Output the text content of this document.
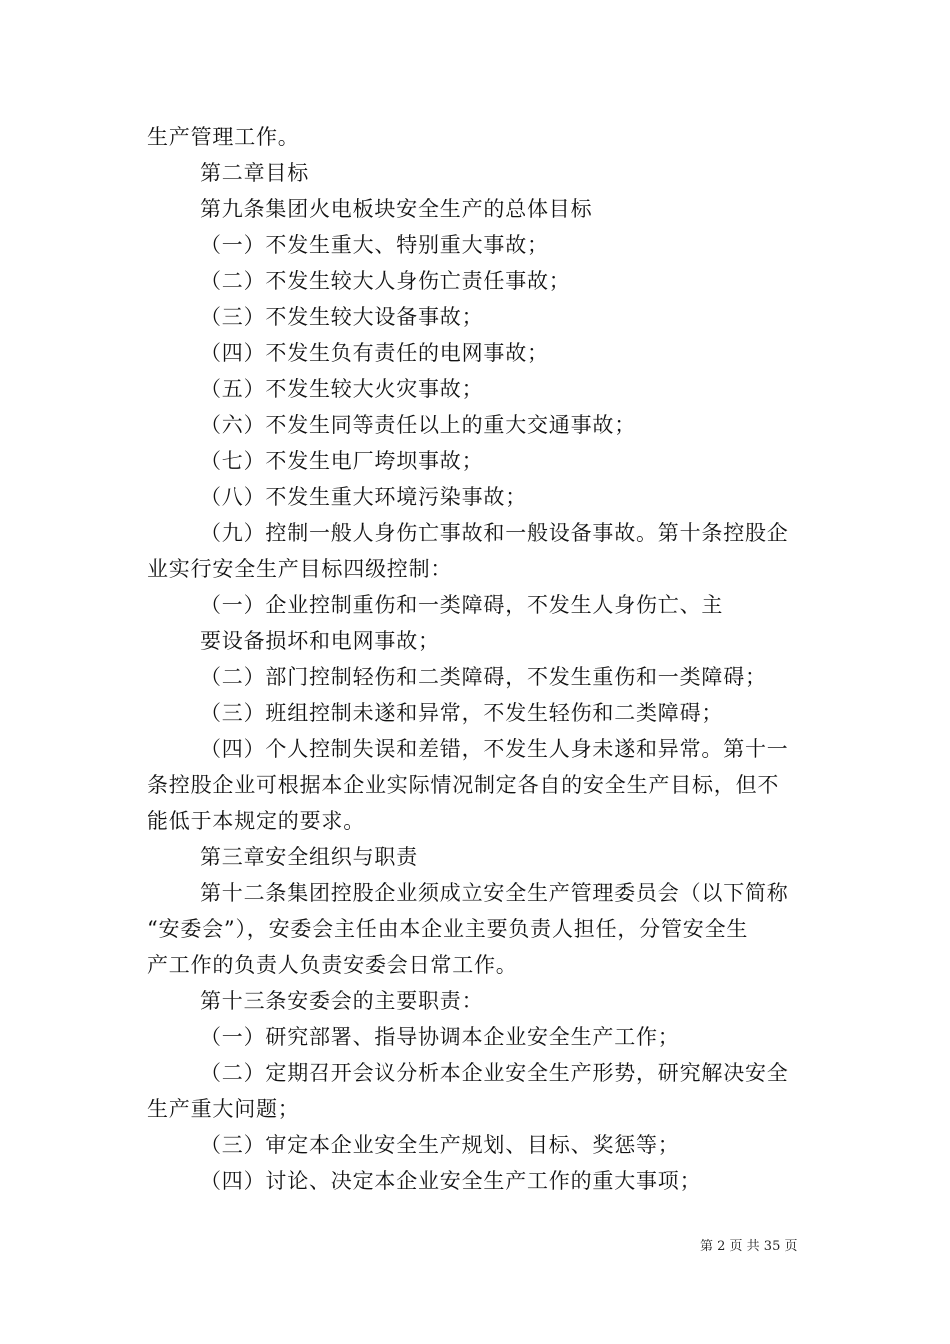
生产管理工作。
第二章目标
第九条集团火电板块安全生产的总体目标
（一）不发生重大、特别重大事故；
（二）不发生较大人身伤亡责任事故；
（三）不发生较大设备事故；
（四）不发生负有责任的电网事故；
（五）不发生较大火灾事故；
（六）不发生同等责任以上的重大交通事故；
（七）不发生电厂垮坝事故；
（八）不发生重大环境污染事故；
（九）控制一般人身伤亡事故和一般设备事故。第十条控股企
业实行安全生产目标四级控制：
（一）企业控制重伤和一类障碍，不发生人身伤亡、主
要设备损坏和电网事故；
（二）部门控制轻伤和二类障碍，不发生重伤和一类障碍；
（三）班组控制未遂和异常，不发生轻伤和二类障碍；
（四）个人控制失误和差错，不发生人身未遂和异常。第十一
条控股企业可根据本企业实际情况制定各自的安全生产目标，但不
能低于本规定的要求。
第三章安全组织与职责
第十二条集团控股企业须成立安全生产管理委员会（以下简称
“安委会”），安委会主任由本企业主要负责人担任，分管安全生
产工作的负责人负责安委会日常工作。
第十三条安委会的主要职责：
（一）研究部署、指导协调本企业安全生产工作；
（二）定期召开会议分析本企业安全生产形势，研究解决安全
生产重大问题；
（三）审定本企业安全生产规划、目标、奖惩等；
（四）讨论、决定本企业安全生产工作的重大事项；
第 2 页 共 35 页
